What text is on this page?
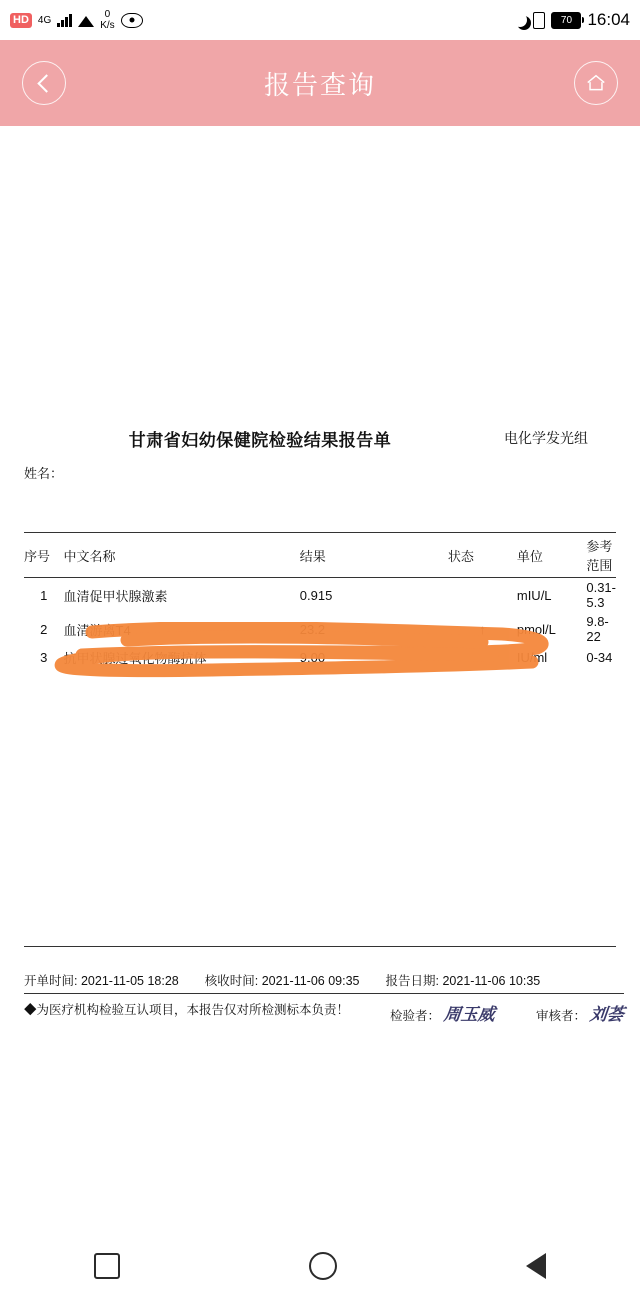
HD 4G	0
K/s	70 16:04
报告查询
甘肃省妇幼保健院检验结果报告单	电化学发光组
姓名：
序号	中文名称	结果	状态	单位	参考范围
1	血清促甲状腺激素	0.915		mIU/L	0.31-5.3
2	血清游离T4	23.2	↑	pmol/L	9.8-22
3	抗甲状腺过氧化物酶抗体	9.00		IU/ml	0-34
开单时间: 2021-11-05 18:28 核收时间: 2021-11-06 09:35 报告日期: 2021-11-06 10:35
◆为医疗机构检验互认项目，本报告仅对所检测标本负责！	检验者： 周玉威	审核者： 刘荟
